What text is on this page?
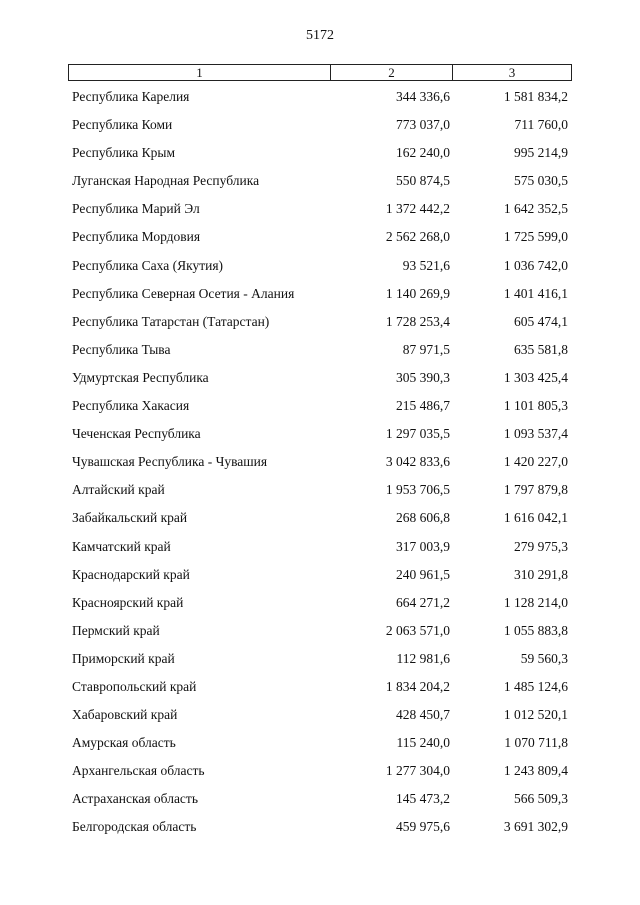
5172
1	2	3
Республика Карелия	344 336,6	1 581 834,2
Республика Коми	773 037,0	711 760,0
Республика Крым	162 240,0	995 214,9
Луганская Народная Республика	550 874,5	575 030,5
Республика Марий Эл	1 372 442,2	1 642 352,5
Республика Мордовия	2 562 268,0	1 725 599,0
Республика Саха (Якутия)	93 521,6	1 036 742,0
Республика Северная Осетия - Алания	1 140 269,9	1 401 416,1
Республика Татарстан (Татарстан)	1 728 253,4	605 474,1
Республика Тыва	87 971,5	635 581,8
Удмуртская Республика	305 390,3	1 303 425,4
Республика Хакасия	215 486,7	1 101 805,3
Чеченская Республика	1 297 035,5	1 093 537,4
Чувашская Республика - Чувашия	3 042 833,6	1 420 227,0
Алтайский край	1 953 706,5	1 797 879,8
Забайкальский край	268 606,8	1 616 042,1
Камчатский край	317 003,9	279 975,3
Краснодарский край	240 961,5	310 291,8
Красноярский край	664 271,2	1 128 214,0
Пермский край	2 063 571,0	1 055 883,8
Приморский край	112 981,6	59 560,3
Ставропольский край	1 834 204,2	1 485 124,6
Хабаровский край	428 450,7	1 012 520,1
Амурская область	115 240,0	1 070 711,8
Архангельская область	1 277 304,0	1 243 809,4
Астраханская область	145 473,2	566 509,3
Белгородская область	459 975,6	3 691 302,9
